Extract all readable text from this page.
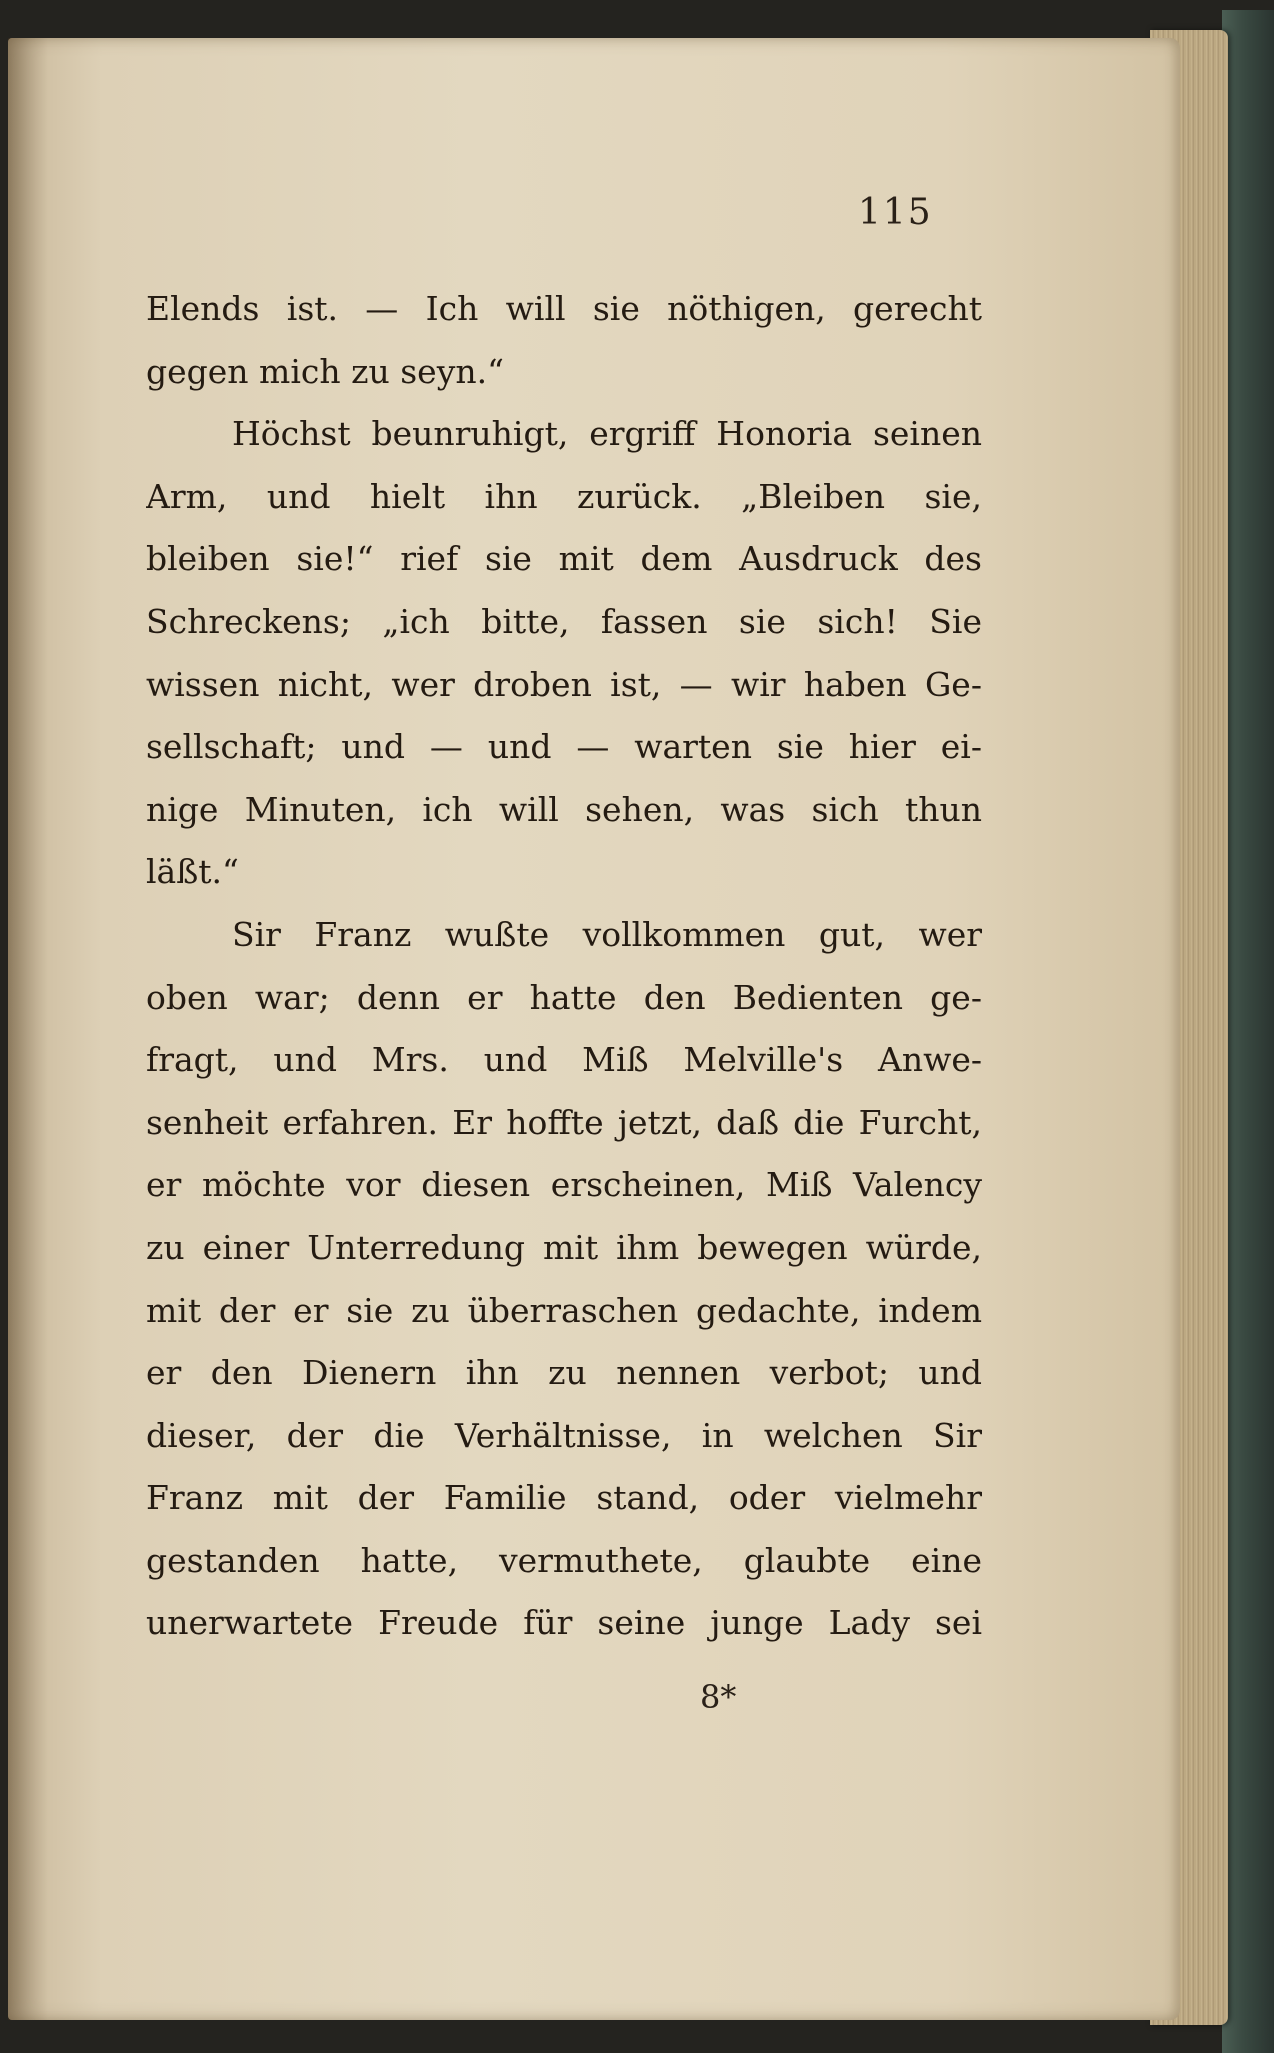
115
Elends ist. — Ich will sie nöthigen, gerecht
gegen mich zu seyn.“
Höchst beunruhigt, ergriff Honoria seinen
Arm, und hielt ihn zurück. „Bleiben sie,
bleiben sie!“ rief sie mit dem Ausdruck des
Schreckens; „ich bitte, fassen sie sich! Sie
wissen nicht, wer droben ist, — wir haben Ge-
sellschaft; und — und — warten sie hier ei-
nige Minuten, ich will sehen, was sich thun
läßt.“
Sir Franz wußte vollkommen gut, wer
oben war; denn er hatte den Bedienten ge-
fragt, und Mrs. und Miß Melville's Anwe-
senheit erfahren. Er hoffte jetzt, daß die Furcht,
er möchte vor diesen erscheinen, Miß Valency
zu einer Unterredung mit ihm bewegen würde,
mit der er sie zu überraschen gedachte, indem
er den Dienern ihn zu nennen verbot; und
dieser, der die Verhältnisse, in welchen Sir
Franz mit der Familie stand, oder vielmehr
gestanden hatte, vermuthete, glaubte eine
unerwartete Freude für seine junge Lady sei
8*
